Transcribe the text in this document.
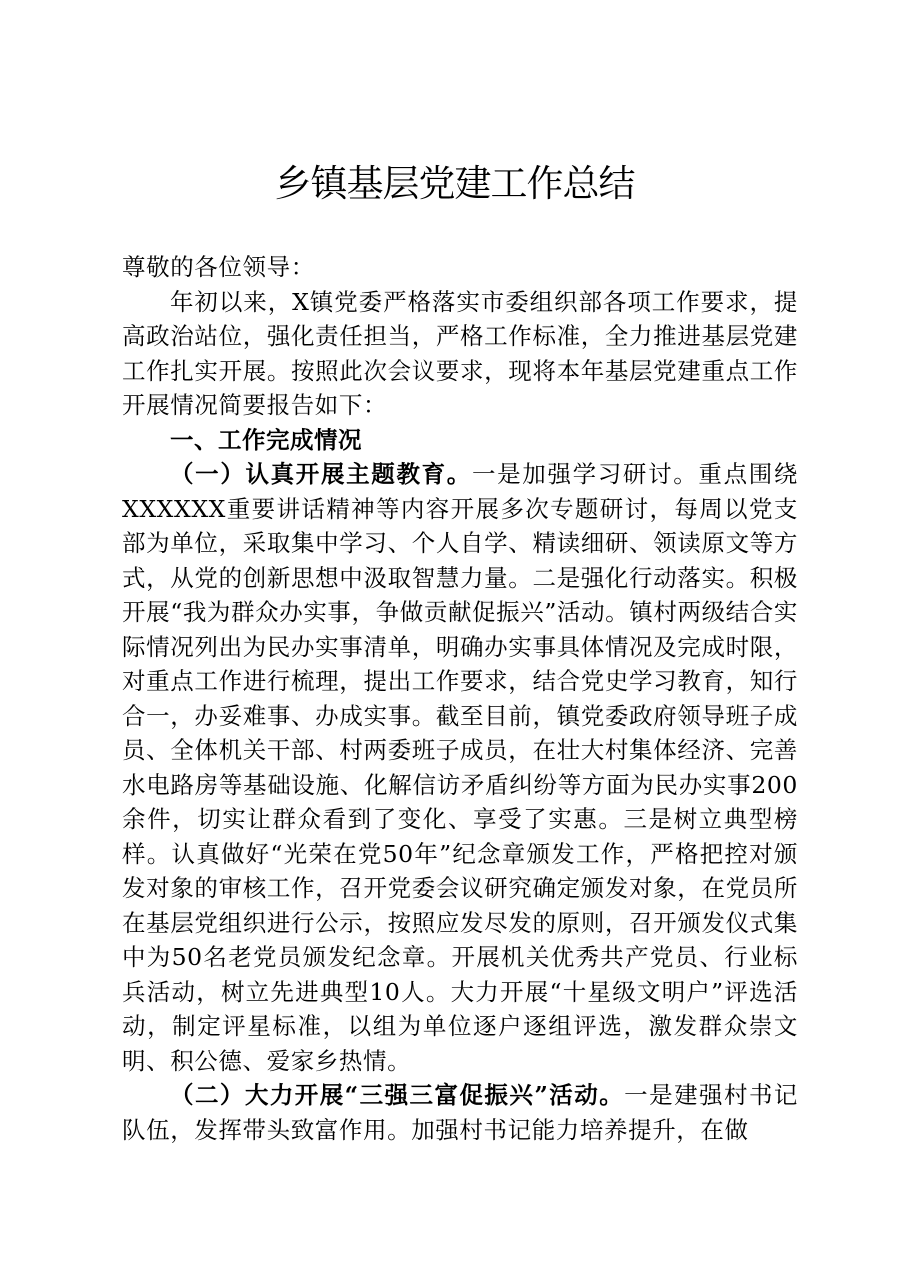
乡镇基层党建工作总结

尊敬的各位领导：

年初以来，X镇党委严格落实市委组织部各项工作要求，提高政治站位，强化责任担当，严格工作标准，全力推进基层党建工作扎实开展。按照此次会议要求，现将本年基层党建重点工作开展情况简要报告如下：

一、工作完成情况

（一）认真开展主题教育。一是加强学习研讨。重点围绕XXXXXX重要讲话精神等内容开展多次专题研讨，每周以党支部为单位，采取集中学习、个人自学、精读细研、领读原文等方式，从党的创新思想中汲取智慧力量。二是强化行动落实。积极开展“我为群众办实事，争做贡献促振兴”活动。镇村两级结合实际情况列出为民办实事清单，明确办实事具体情况及完成时限，对重点工作进行梳理，提出工作要求，结合党史学习教育，知行合一，办妥难事、办成实事。截至目前，镇党委政府领导班子成员、全体机关干部、村两委班子成员，在壮大村集体经济、完善水电路房等基础设施、化解信访矛盾纠纷等方面为民办实事200余件，切实让群众看到了变化、享受了实惠。三是树立典型榜样。认真做好“光荣在党50年”纪念章颁发工作，严格把控对颁发对象的审核工作，召开党委会议研究确定颁发对象，在党员所在基层党组织进行公示，按照应发尽发的原则，召开颁发仪式集中为50名老党员颁发纪念章。开展机关优秀共产党员、行业标兵活动，树立先进典型10人。大力开展“十星级文明户”评选活动，制定评星标准，以组为单位逐户逐组评选，激发群众崇文明、积公德、爱家乡热情。

（二）大力开展“三强三富促振兴”活动。一是建强村书记队伍，发挥带头致富作用。加强村书记能力培养提升，在做
